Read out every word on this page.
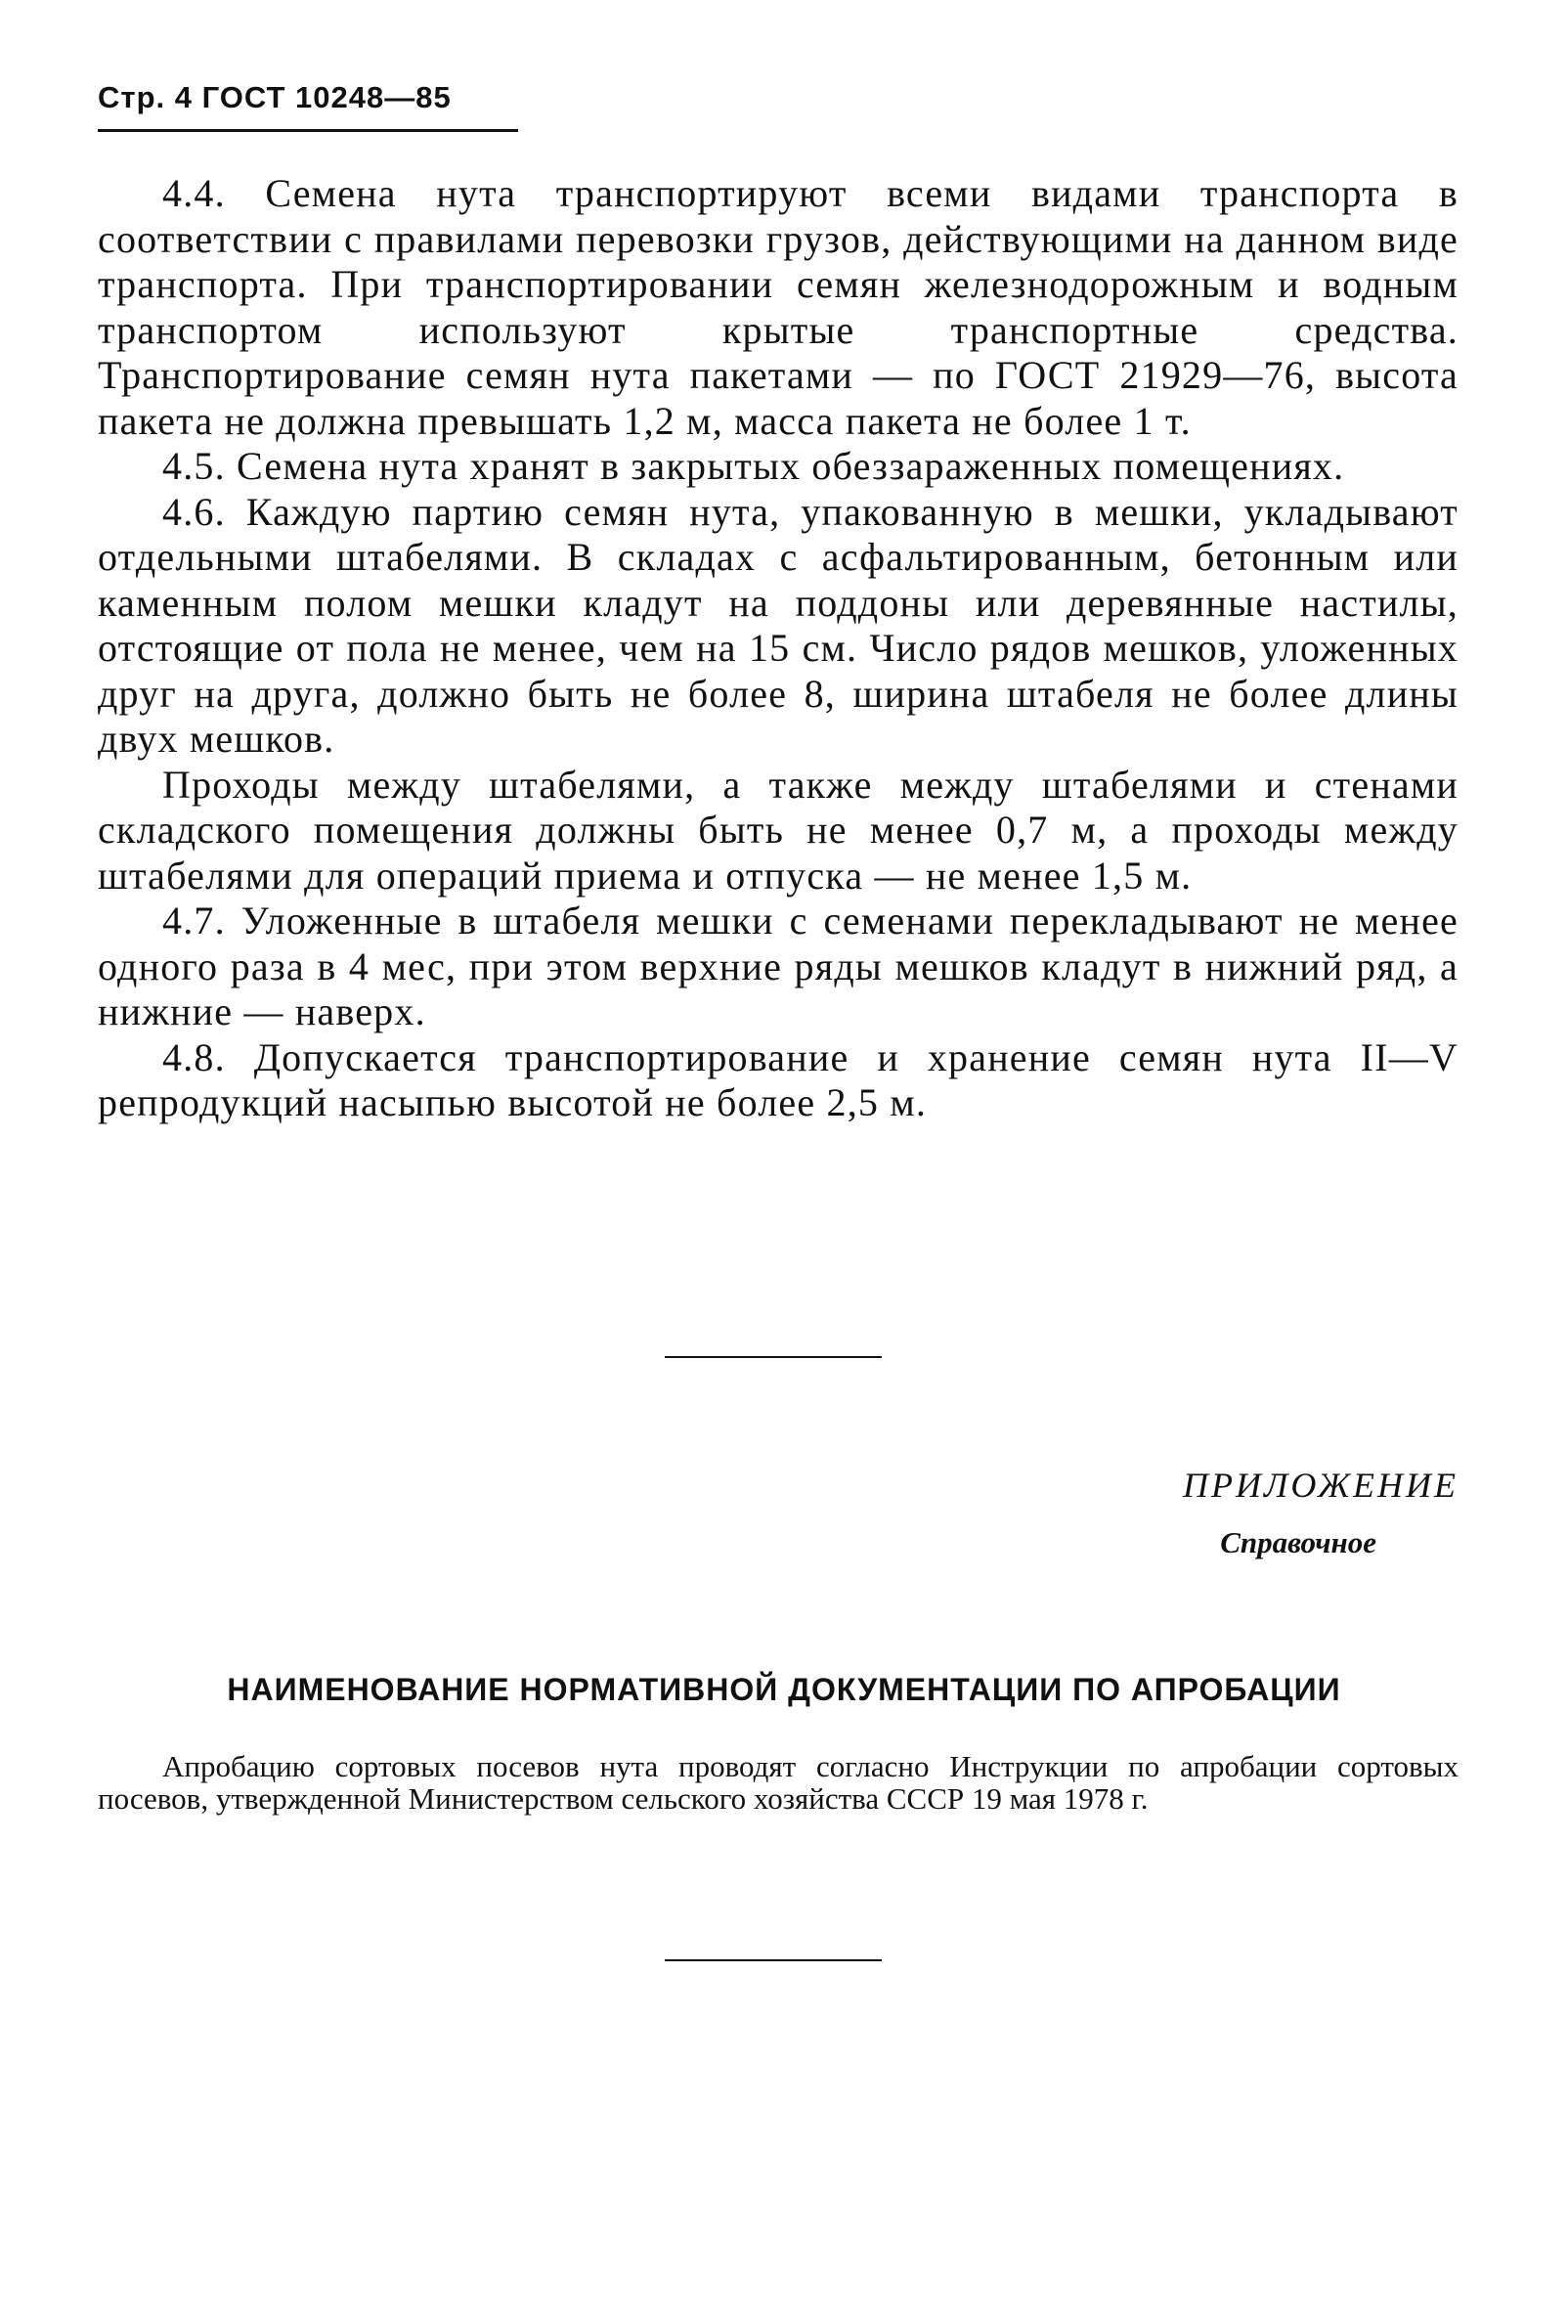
Стр. 4 ГОСТ 10248—85

4.4. Семена нута транспортируют всеми видами транспорта в соответствии с правилами перевозки грузов, действующими на данном виде транспорта. При транспортировании семян железнодорожным и водным транспортом используют крытые транспортные средства. Транспортирование семян нута пакетами — по ГОСТ 21929—76, высота пакета не должна превышать 1,2 м, масса пакета не более 1 т.

4.5. Семена нута хранят в закрытых обеззараженных помещениях.

4.6. Каждую партию семян нута, упакованную в мешки, укладывают отдельными штабелями. В складах с асфальтированным, бетонным или каменным полом мешки кладут на поддоны или деревянные настилы, отстоящие от пола не менее, чем на 15 см. Число рядов мешков, уложенных друг на друга, должно быть не более 8, ширина штабеля не более длины двух мешков.

Проходы между штабелями, а также между штабелями и стенами складского помещения должны быть не менее 0,7 м, а проходы между штабелями для операций приема и отпуска — не менее 1,5 м.

4.7. Уложенные в штабеля мешки с семенами перекладывают не менее одного раза в 4 мес, при этом верхние ряды мешков кладут в нижний ряд, а нижние — наверх.

4.8. Допускается транспортирование и хранение семян нута II—V репродукций насыпью высотой не более 2,5 м.

ПРИЛОЖЕНИЕ
Справочное
НАИМЕНОВАНИЕ НОРМАТИВНОЙ ДОКУМЕНТАЦИИ ПО АПРОБАЦИИ

Апробацию сортовых посевов нута проводят согласно Инструкции по апробации сортовых посевов, утвержденной Министерством сельского хозяйства СССР 19 мая 1978 г.
